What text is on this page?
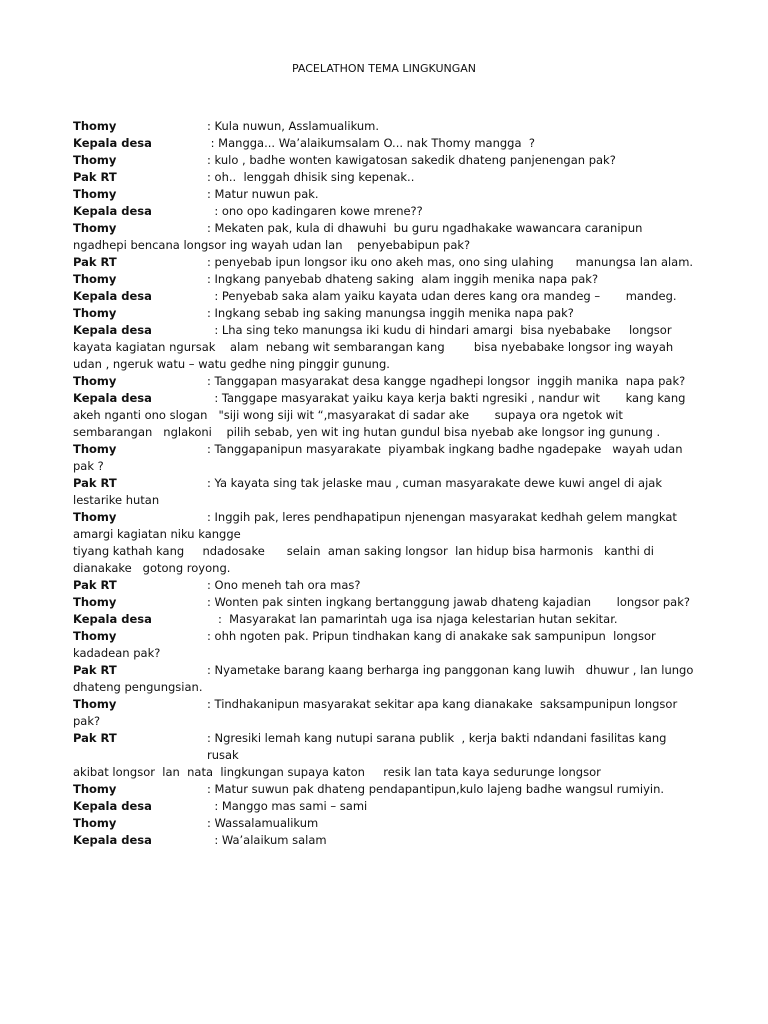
PACELATHON TEMA LINGKUNGAN
Thomy	: Kula nuwun, Asslamualikum.
Kepala desa	: Mangga... Wa’alaikumsalam O... nak Thomy mangga  ?
Thomy	: kulo , badhe wonten kawigatosan sakedik dhateng panjenengan pak?
Pak RT	: oh..  lenggah dhisik sing kepenak..
Thomy	: Matur nuwun pak.
Kepala desa	: ono opo kadingaren kowe mrene??
Thomy	: Mekaten pak, kula di dhawuhi  bu guru ngadhakake wawancara caranipun
ngadhepi bencana longsor ing wayah udan lan    penyebabipun pak?
Pak RT	: penyebab ipun longsor iku ono akeh mas, ono sing ulahing      manungsa lan alam.
Thomy	: Ingkang panyebab dhateng saking  alam inggih menika napa pak?
Kepala desa	: Penyebab saka alam yaiku kayata udan deres kang ora mandeg –       mandeg.
Thomy	: Ingkang sebab ing saking manungsa inggih menika napa pak?
Kepala desa	: Lha sing teko manungsa iki kudu di hindari amargi  bisa nyebabake     longsor
kayata kagiatan ngursak    alam  nebang wit sembarangan kang        bisa nyebabake longsor ing wayah
udan , ngeruk watu – watu gedhe ning pinggir gunung.
Thomy	: Tanggapan masyarakat desa kangge ngadhepi longsor  inggih manika  napa pak?
Kepala desa	: Tanggape masyarakat yaiku kaya kerja bakti ngresiki , nandur wit       kang kang
akeh nganti ono slogan   "siji wong siji wit “,masyarakat di sadar ake       supaya ora ngetok wit
sembarangan   nglakoni    pilih sebab, yen wit ing hutan gundul bisa nyebab ake longsor ing gunung .
Thomy	: Tanggapanipun masyarakate  piyambak ingkang badhe ngadepake   wayah udan
pak ?
Pak RT	: Ya kayata sing tak jelaske mau , cuman masyarakate dewe kuwi angel di ajak
lestarike hutan
Thomy	: Inggih pak, leres pendhapatipun njenengan masyarakat kedhah gelem mangkat
amargi kagiatan niku kangge
tiyang kathah kang     ndadosake      selain  aman saking longsor  lan hidup bisa harmonis   kanthi di
dianakake   gotong royong.
Pak RT	: Ono meneh tah ora mas?
Thomy	: Wonten pak sinten ingkang bertanggung jawab dhateng kajadian       longsor pak?
Kepala desa	:  Masyarakat lan pamarintah uga isa njaga kelestarian hutan sekitar.
Thomy	: ohh ngoten pak. Pripun tindhakan kang di anakake sak sampunipun  longsor
kadadean pak?
Pak RT	: Nyametake barang kaang berharga ing panggonan kang luwih   dhuwur , lan lungo
dhateng pengungsian.
Thomy	: Tindhakanipun masyarakat sekitar apa kang dianakake  saksampunipun longsor
pak?
Pak RT	: Ngresiki lemah kang nutupi sarana publik  , kerja bakti ndandani fasilitas kang rusak
akibat longsor  lan  nata  lingkungan supaya katon     resik lan tata kaya sedurunge longsor
Thomy	: Matur suwun pak dhateng pendapantipun,kulo lajeng badhe wangsul rumiyin.
Kepala desa	: Manggo mas sami – sami
Thomy	: Wassalamualikum
Kepala desa	: Wa’alaikum salam
